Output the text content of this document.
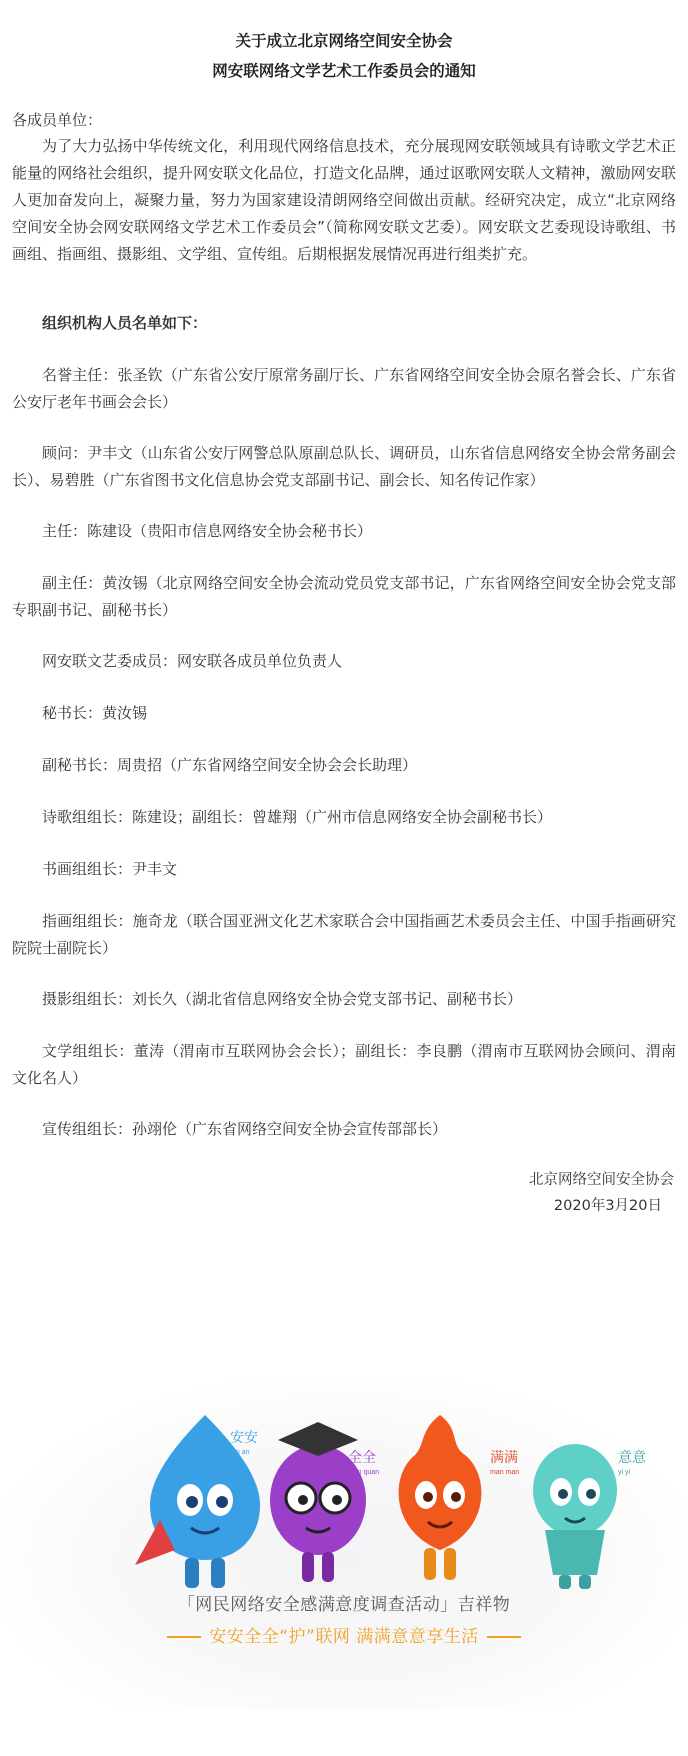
关于成立北京网络空间安全协会
网安联网络文学艺术工作委员会的通知
各成员单位：
为了大力弘扬中华传统文化，利用现代网络信息技术，充分展现网安联领域具有诗歌文学艺术正能量的网络社会组织，提升网安联文化品位，打造文化品牌，通过讴歌网安联人文精神，激励网安联人更加奋发向上，凝聚力量，努力为国家建设清朗网络空间做出贡献。经研究决定，成立“北京网络空间安全协会网安联网络文学艺术工作委员会”（简称网安联文艺委）。网安联文艺委现设诗歌组、书画组、指画组、摄影组、文学组、宣传组。后期根据发展情况再进行组类扩充。
组织机构人员名单如下：
名誉主任：张圣钦（广东省公安厅原常务副厅长、广东省网络空间安全协会原名誉会长、广东省公安厅老年书画会会长）
顾问：尹丰文（山东省公安厅网警总队原副总队长、调研员，山东省信息网络安全协会常务副会长）、易碧胜（广东省图书文化信息协会党支部副书记、副会长、知名传记作家）
主任：陈建设（贵阳市信息网络安全协会秘书长）
副主任：黄汝锡（北京网络空间安全协会流动党员党支部书记，广东省网络空间安全协会党支部专职副书记、副秘书长）
网安联文艺委成员：网安联各成员单位负责人
秘书长：黄汝锡
副秘书长：周贵招（广东省网络空间安全协会会长助理）
诗歌组组长：陈建设；副组长：曾雄翔（广州市信息网络安全协会副秘书长）
书画组组长：尹丰文
指画组组长：施奇龙（联合国亚洲文化艺术家联合会中国指画艺术委员会主任、中国手指画研究院院士副院长）
摄影组组长：刘长久（湖北省信息网络安全协会党支部书记、副秘书长）
文学组组长：董涛（渭南市互联网协会会长）；副组长：李良鹏（渭南市互联网协会顾问、渭南文化名人）
宣传组组长：孙翊伦（广东省网络空间安全协会宣传部部长）
北京网络空间安全协会
2020年3月20日
安安
an an	全全
quan quan
满满
man man
意意
yi yi
「网民网络安全感满意度调查活动」吉祥物
安安全全“护”联网 满满意意享生活
